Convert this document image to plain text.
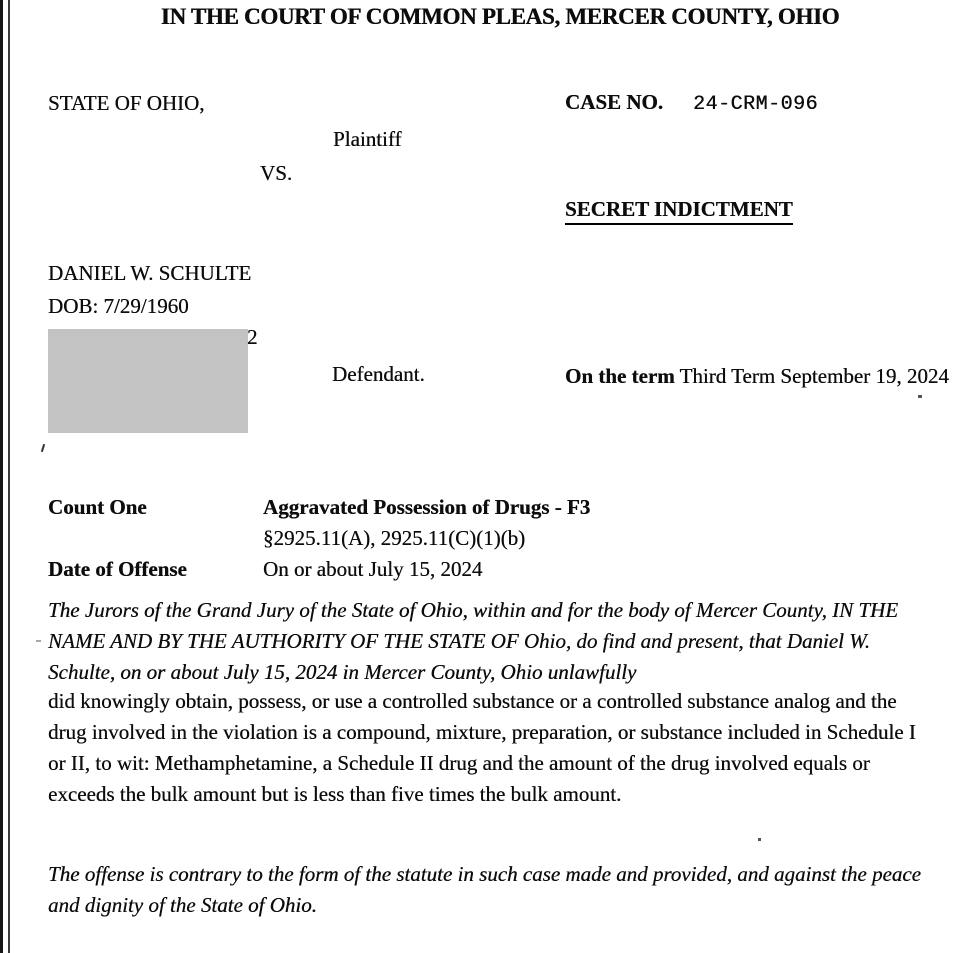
IN THE COURT OF COMMON PLEAS, MERCER COUNTY, OHIO
STATE OF OHIO,	CASE NO. 24-CRM-096
Plaintiff
VS.
SECRET INDICTMENT
DANIEL W. SCHULTE
DOB: 7/29/1960
2
Defendant.	On the term Third Term September 19, 2024
Count One	Aggravated Possession of Drugs - F3
§2925.11(A), 2925.11(C)(1)(b)
Date of Offense	On or about July 15, 2024
The Jurors of the Grand Jury of the State of Ohio, within and for the body of Mercer County, IN THE NAME AND BY THE AUTHORITY OF THE STATE OF Ohio, do find and present, that Daniel W. Schulte, on or about July 15, 2024 in Mercer County, Ohio unlawfully
did knowingly obtain, possess, or use a controlled substance or a controlled substance analog and the drug involved in the violation is a compound, mixture, preparation, or substance included in Schedule I or II, to wit: Methamphetamine, a Schedule II drug and the amount of the drug involved equals or exceeds the bulk amount but is less than five times the bulk amount.
The offense is contrary to the form of the statute in such case made and provided, and against the peace and dignity of the State of Ohio.
